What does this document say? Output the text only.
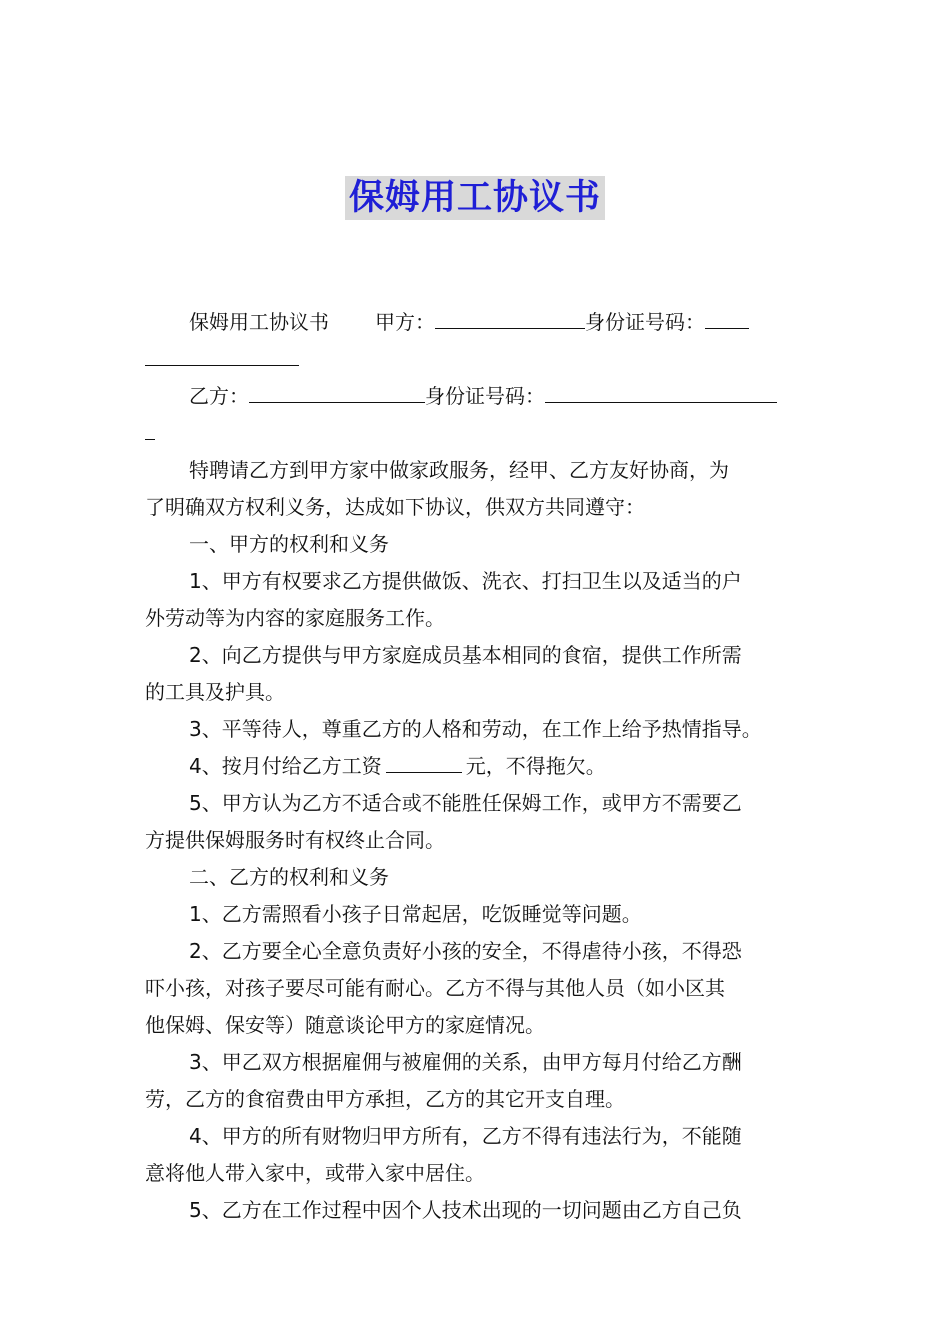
保姆用工协议书
保姆用工协议书 甲方：	身份证号码：
乙方：	身份证号码：
特聘请乙方到甲方家中做家政服务，经甲、乙方友好协商，为
了明确双方权利义务，达成如下协议，供双方共同遵守：
一、甲方的权利和义务
1、甲方有权要求乙方提供做饭、洗衣、打扫卫生以及适当的户
外劳动等为内容的家庭服务工作。
2、向乙方提供与甲方家庭成员基本相同的食宿，提供工作所需
的工具及护具。
3、平等待人，尊重乙方的人格和劳动，在工作上给予热情指导。
4、按月付给乙方工资	元，不得拖欠。
5、甲方认为乙方不适合或不能胜任保姆工作，或甲方不需要乙
方提供保姆服务时有权终止合同。
二、乙方的权利和义务
1、乙方需照看小孩子日常起居，吃饭睡觉等问题。
2、乙方要全心全意负责好小孩的安全，不得虐待小孩，不得恐
吓小孩，对孩子要尽可能有耐心。乙方不得与其他人员（如小区其
他保姆、保安等）随意谈论甲方的家庭情况。
3、甲乙双方根据雇佣与被雇佣的关系，由甲方每月付给乙方酬
劳，乙方的食宿费由甲方承担，乙方的其它开支自理。
4、甲方的所有财物归甲方所有，乙方不得有违法行为，不能随
意将他人带入家中，或带入家中居住。
5、乙方在工作过程中因个人技术出现的一切问题由乙方自己负
